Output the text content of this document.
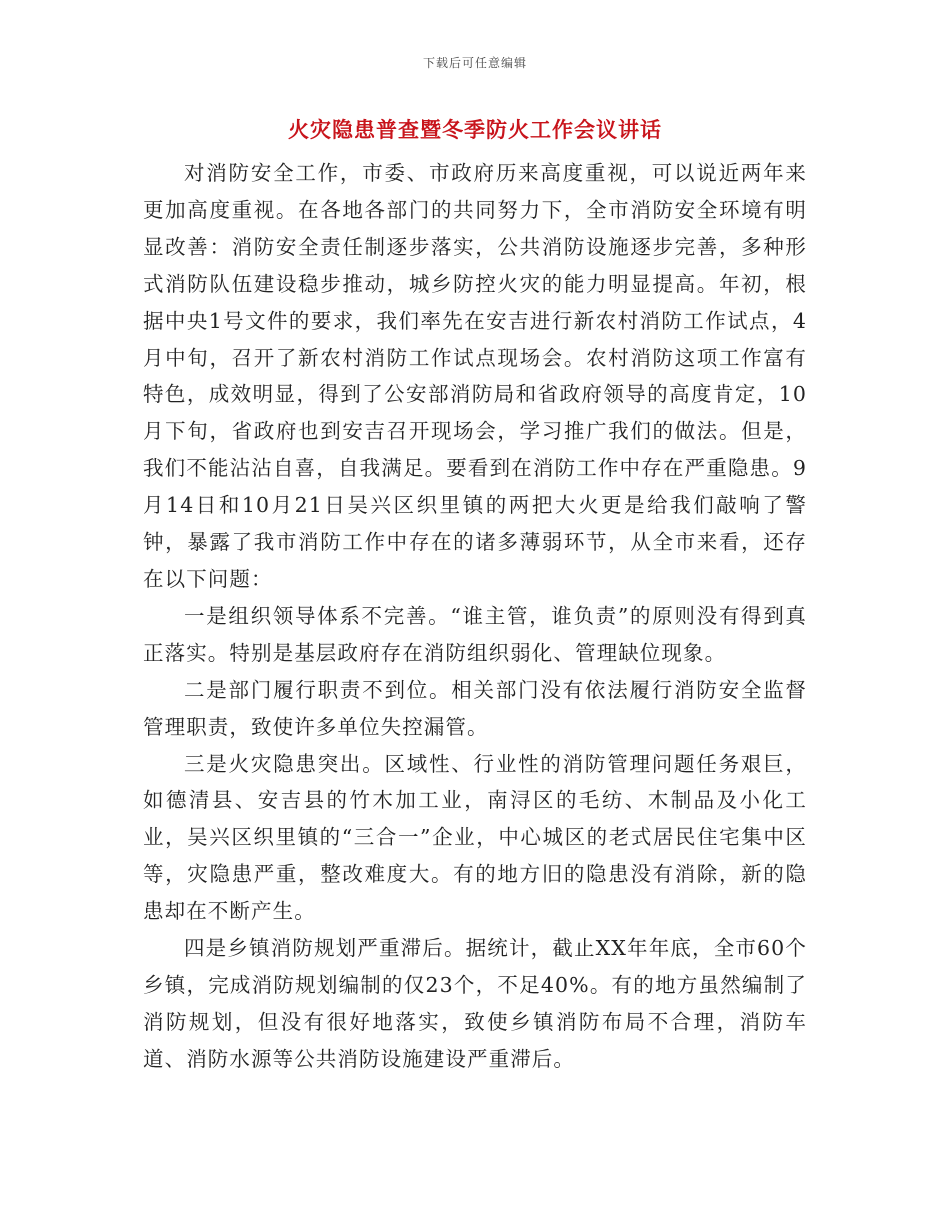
下载后可任意编辑
火灾隐患普查暨冬季防火工作会议讲话

对消防安全工作，市委、市政府历来高度重视，可以说近两年来更加高度重视。在各地各部门的共同努力下，全市消防安全环境有明显改善：消防安全责任制逐步落实，公共消防设施逐步完善，多种形式消防队伍建设稳步推动，城乡防控火灾的能力明显提高。年初，根据中央1号文件的要求，我们率先在安吉进行新农村消防工作试点，4月中旬，召开了新农村消防工作试点现场会。农村消防这项工作富有特色，成效明显，得到了公安部消防局和省政府领导的高度肯定，10月下旬，省政府也到安吉召开现场会，学习推广我们的做法。但是，我们不能沾沾自喜，自我满足。要看到在消防工作中存在严重隐患。9月14日和10月21日吴兴区织里镇的两把大火更是给我们敲响了警钟，暴露了我市消防工作中存在的诸多薄弱环节，从全市来看，还存在以下问题：

一是组织领导体系不完善。“谁主管，谁负责”的原则没有得到真正落实。特别是基层政府存在消防组织弱化、管理缺位现象。

二是部门履行职责不到位。相关部门没有依法履行消防安全监督管理职责，致使许多单位失控漏管。

三是火灾隐患突出。区域性、行业性的消防管理问题任务艰巨，如德清县、安吉县的竹木加工业，南浔区的毛纺、木制品及小化工业，吴兴区织里镇的“三合一”企业，中心城区的老式居民住宅集中区等，灾隐患严重，整改难度大。有的地方旧的隐患没有消除，新的隐患却在不断产生。

四是乡镇消防规划严重滞后。据统计，截止XX年年底，全市60个乡镇，完成消防规划编制的仅23个，不足40%。有的地方虽然编制了消防规划，但没有很好地落实，致使乡镇消防布局不合理，消防车道、消防水源等公共消防设施建设严重滞后。
